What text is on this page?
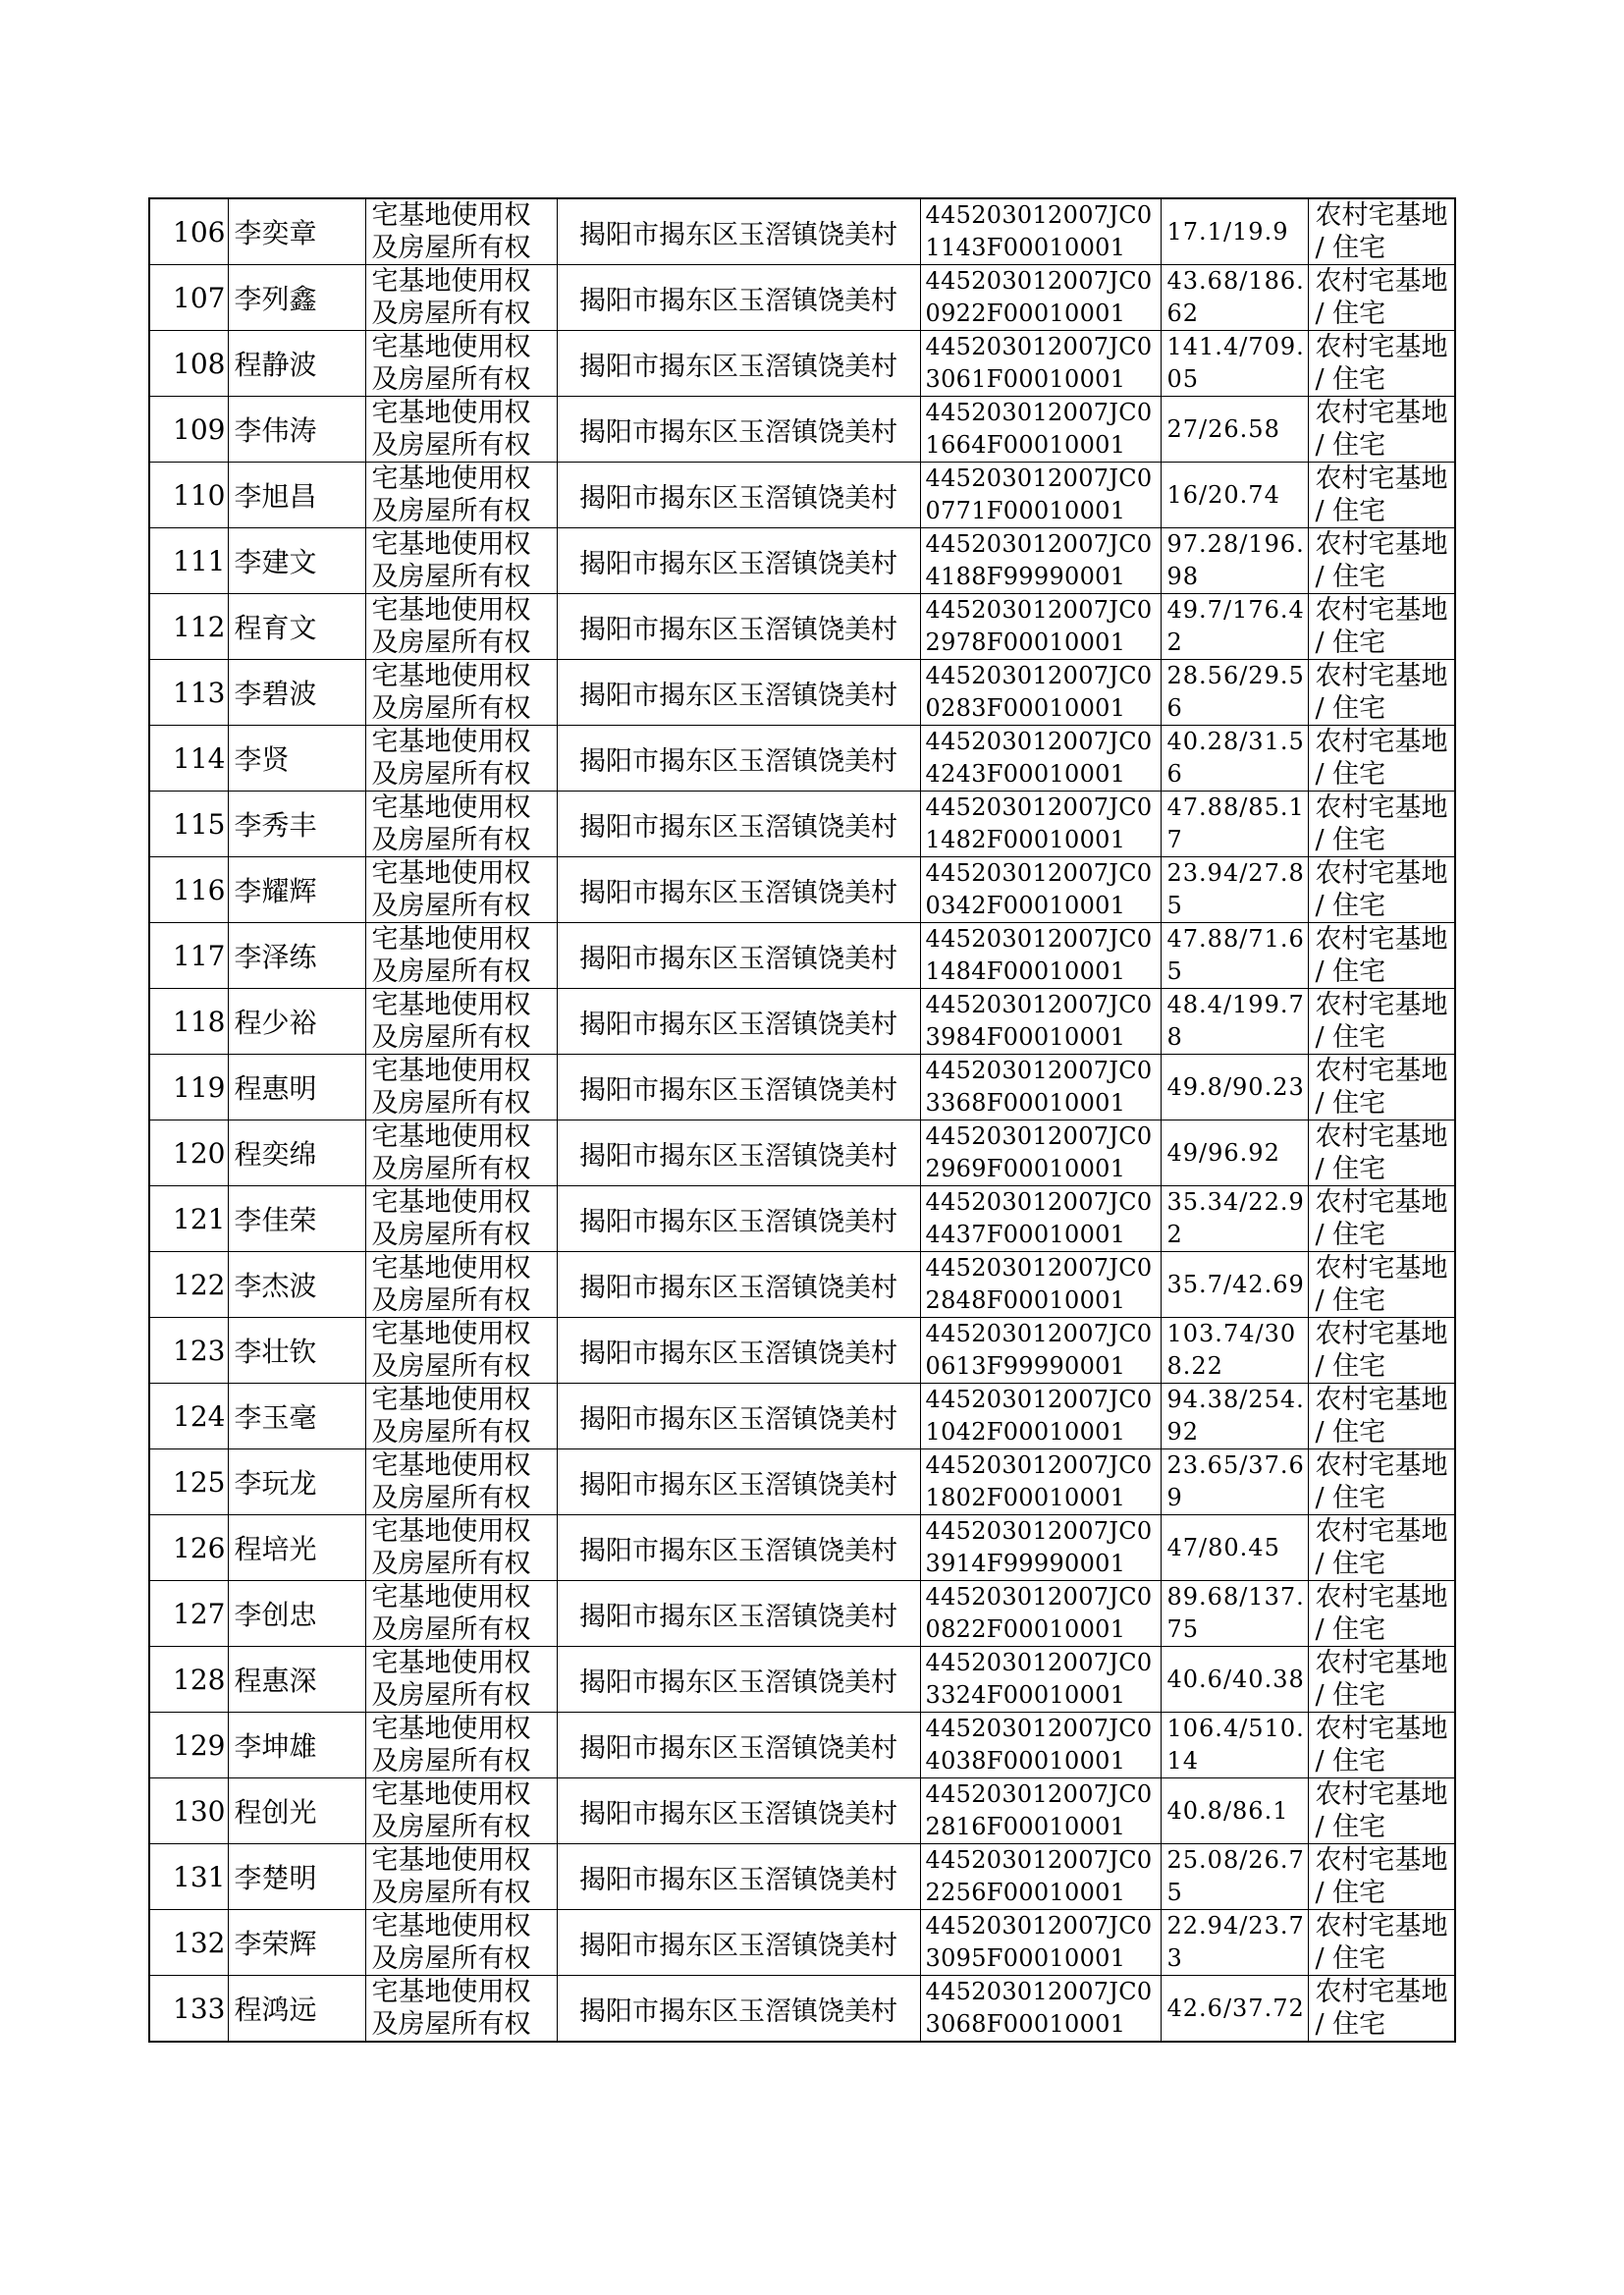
106	李奕章	宅基地使用权及房屋所有权	揭阳市揭东区玉滘镇饶美村	445203012007JC01143F00010001	17.1/19.9	农村宅基地 / 住宅

107	李列鑫	宅基地使用权及房屋所有权	揭阳市揭东区玉滘镇饶美村	445203012007JC00922F00010001	43.68/186.62	农村宅基地 / 住宅

108	程静波	宅基地使用权及房屋所有权	揭阳市揭东区玉滘镇饶美村	445203012007JC03061F00010001	141.4/709.05	农村宅基地 / 住宅

109	李伟涛	宅基地使用权及房屋所有权	揭阳市揭东区玉滘镇饶美村	445203012007JC01664F00010001	27/26.58	农村宅基地 / 住宅

110	李旭昌	宅基地使用权及房屋所有权	揭阳市揭东区玉滘镇饶美村	445203012007JC00771F00010001	16/20.74	农村宅基地 / 住宅

111	李建文	宅基地使用权及房屋所有权	揭阳市揭东区玉滘镇饶美村	445203012007JC04188F99990001	97.28/196.98	农村宅基地 / 住宅

112	程育文	宅基地使用权及房屋所有权	揭阳市揭东区玉滘镇饶美村	445203012007JC02978F00010001	49.7/176.42	农村宅基地 / 住宅

113	李碧波	宅基地使用权及房屋所有权	揭阳市揭东区玉滘镇饶美村	445203012007JC00283F00010001	28.56/29.56	农村宅基地 / 住宅

114	李贤	宅基地使用权及房屋所有权	揭阳市揭东区玉滘镇饶美村	445203012007JC04243F00010001	40.28/31.56	农村宅基地 / 住宅

115	李秀丰	宅基地使用权及房屋所有权	揭阳市揭东区玉滘镇饶美村	445203012007JC01482F00010001	47.88/85.17	农村宅基地 / 住宅

116	李耀辉	宅基地使用权及房屋所有权	揭阳市揭东区玉滘镇饶美村	445203012007JC00342F00010001	23.94/27.85	农村宅基地 / 住宅

117	李泽练	宅基地使用权及房屋所有权	揭阳市揭东区玉滘镇饶美村	445203012007JC01484F00010001	47.88/71.65	农村宅基地 / 住宅

118	程少裕	宅基地使用权及房屋所有权	揭阳市揭东区玉滘镇饶美村	445203012007JC03984F00010001	48.4/199.78	农村宅基地 / 住宅

119	程惠明	宅基地使用权及房屋所有权	揭阳市揭东区玉滘镇饶美村	445203012007JC03368F00010001	49.8/90.23	农村宅基地 / 住宅

120	程奕绵	宅基地使用权及房屋所有权	揭阳市揭东区玉滘镇饶美村	445203012007JC02969F00010001	49/96.92	农村宅基地 / 住宅

121	李佳荣	宅基地使用权及房屋所有权	揭阳市揭东区玉滘镇饶美村	445203012007JC04437F00010001	35.34/22.92	农村宅基地 / 住宅

122	李杰波	宅基地使用权及房屋所有权	揭阳市揭东区玉滘镇饶美村	445203012007JC02848F00010001	35.7/42.69	农村宅基地 / 住宅

123	李壮钦	宅基地使用权及房屋所有权	揭阳市揭东区玉滘镇饶美村	445203012007JC00613F99990001	103.74/308.22	农村宅基地 / 住宅

124	李玉毫	宅基地使用权及房屋所有权	揭阳市揭东区玉滘镇饶美村	445203012007JC01042F00010001	94.38/254.92	农村宅基地 / 住宅

125	李玩龙	宅基地使用权及房屋所有权	揭阳市揭东区玉滘镇饶美村	445203012007JC01802F00010001	23.65/37.69	农村宅基地 / 住宅

126	程培光	宅基地使用权及房屋所有权	揭阳市揭东区玉滘镇饶美村	445203012007JC03914F99990001	47/80.45	农村宅基地 / 住宅

127	李创忠	宅基地使用权及房屋所有权	揭阳市揭东区玉滘镇饶美村	445203012007JC00822F00010001	89.68/137.75	农村宅基地 / 住宅

128	程惠深	宅基地使用权及房屋所有权	揭阳市揭东区玉滘镇饶美村	445203012007JC03324F00010001	40.6/40.38	农村宅基地 / 住宅

129	李坤雄	宅基地使用权及房屋所有权	揭阳市揭东区玉滘镇饶美村	445203012007JC04038F00010001	106.4/510.14	农村宅基地 / 住宅

130	程创光	宅基地使用权及房屋所有权	揭阳市揭东区玉滘镇饶美村	445203012007JC02816F00010001	40.8/86.1	农村宅基地 / 住宅

131	李楚明	宅基地使用权及房屋所有权	揭阳市揭东区玉滘镇饶美村	445203012007JC02256F00010001	25.08/26.75	农村宅基地 / 住宅

132	李荣辉	宅基地使用权及房屋所有权	揭阳市揭东区玉滘镇饶美村	445203012007JC03095F00010001	22.94/23.73	农村宅基地 / 住宅

133	程鸿远	宅基地使用权及房屋所有权	揭阳市揭东区玉滘镇饶美村	445203012007JC03068F00010001	42.6/37.72	农村宅基地 / 住宅
